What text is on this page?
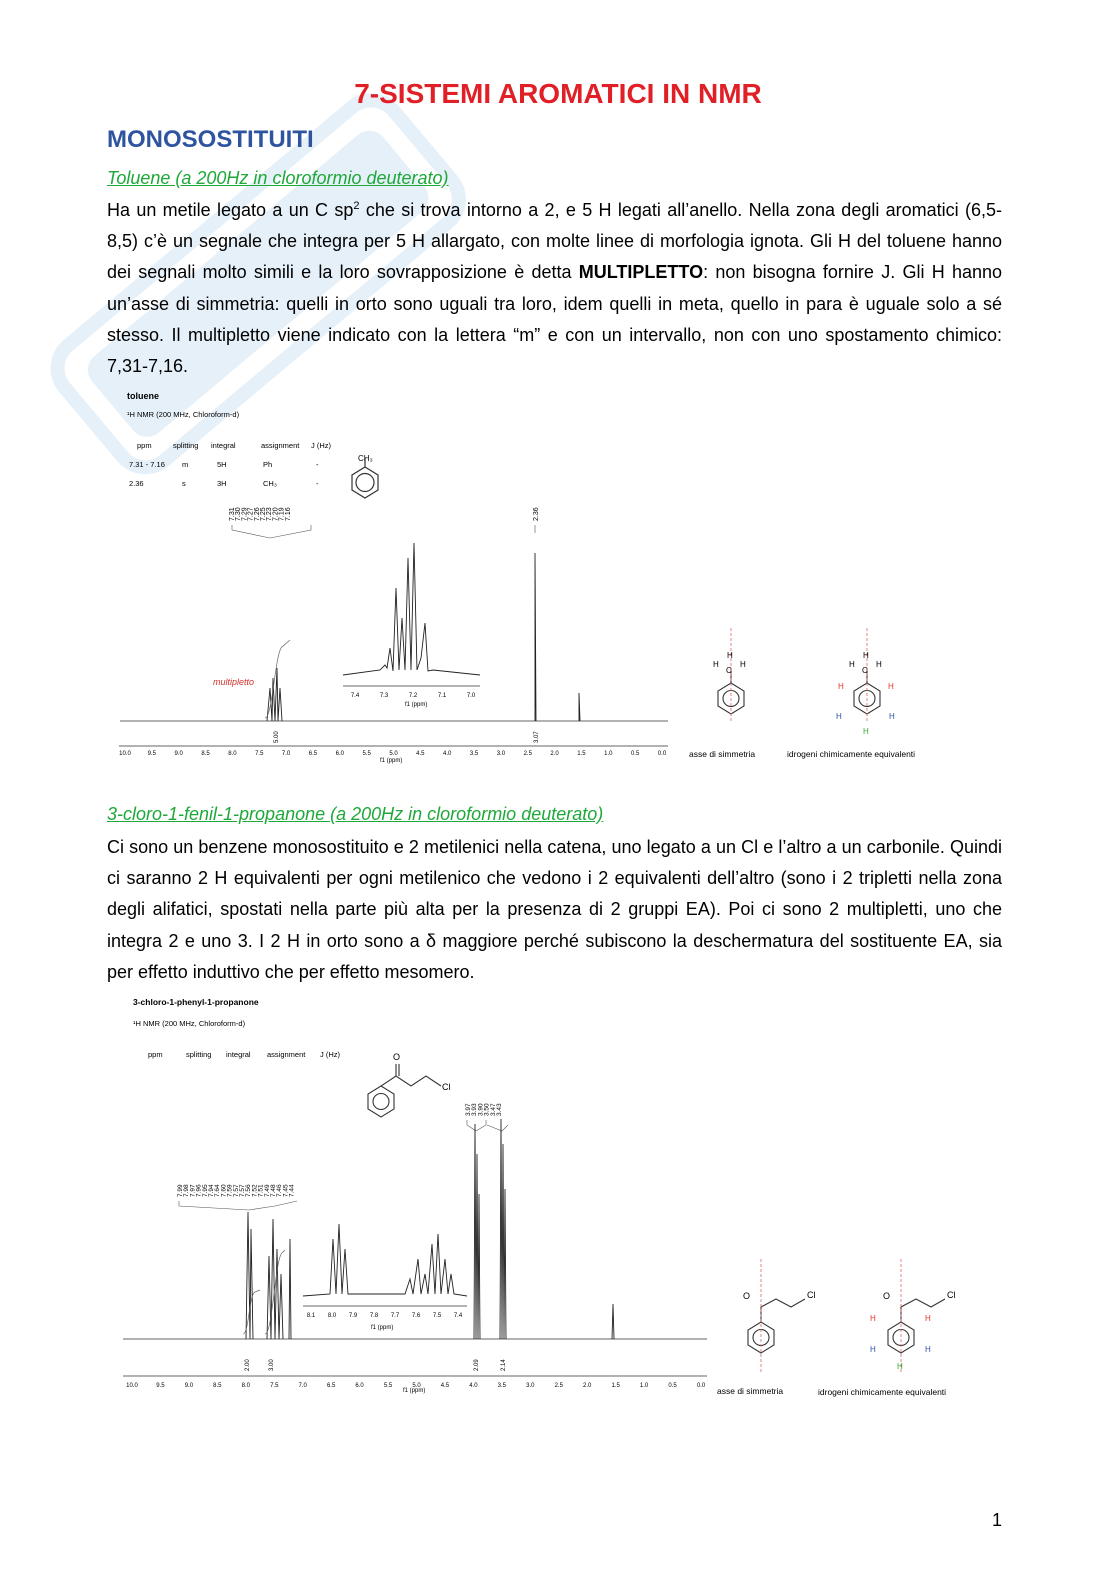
7-SISTEMI AROMATICI IN NMR
MONOSOSTITUITI
Toluene (a 200Hz in cloroformio deuterato)
Ha un metile legato a un C $sp^2$ che si trova intorno a 2, e 5 H legati all’anello. Nella zona degli aromatici (6,5-8,5) c’è un segnale che integra per 5 H allargato, con molte linee di morfologia ignota. Gli H del toluene hanno dei segnali molto simili e la loro sovrapposizione è detta MULTIPLETTO: non bisogna fornire J. Gli H hanno un’asse di simmetria: quelli in orto sono uguali tra loro, idem quelli in meta, quello in para è uguale solo a sé stesso. Il multipletto viene indicato con la lettera “m” e con un intervallo, non con uno spostamento chimico: 7,31-7,16.
toluene
¹H NMR (200 MHz, Chloroform-d)
ppm	splitting integral	assignment J (Hz)
7.31 - 7.16 m	5H	Ph	-
2.36	s	3H	CH₃	-
CH₃
7.31 7.30 7.29 7.27 7.26 7.25 7.23 7.20 7.19 7.16	2.36
multipletto
7.4	7.3	7.2	7.1	7.0
f1 (ppm)
5.00	3.07
10.0	9.5	9.0	8.5	8.0	7.5	7.0	6.5	6.0	5.5	5.0	4.5	4.0	3.5	3.0	2.5	2.0	1.5	1.0	0.5	0.0
f1 (ppm)
H
H
C
H
asse di simmetria
H
H
C
H
H	H
H	H
H
idrogeni chimicamente equivalenti
3-cloro-1-fenil-1-propanone (a 200Hz in cloroformio deuterato)
Ci sono un benzene monosostituito e 2 metilenici nella catena, uno legato a un Cl e l’altro a un carbonile. Quindi ci saranno 2 H equivalenti per ogni metilenico che vedono i 2 equivalenti dell’altro (sono i 2 tripletti nella zona degli alifatici, spostati nella parte più alta per la presenza di 2 gruppi EA). Poi ci sono 2 multipletti, uno che integra 2 e uno 3. I 2 H in orto sono a δ maggiore perché subiscono la deschermatura del sostituente EA, sia per effetto induttivo che per effetto mesomero.
3-chloro-1-phenyl-1-propanone
¹H NMR (200 MHz, Chloroform-d)
ppm	splitting integral assignment J (Hz)	O
Cl
7.99 7.98 7.97 7.96 7.95 7.94 7.64 7.60 7.59 7.57 7.57 7.56 7.52 7.51 7.49 7.48 7.46 7.45 7.44
3.97 3.93 3.90 3.50 3.47 3.43
8.1 8.0 7.9 7.8 7.7 7.6 7.5 7.4
f1 (ppm)
2.00	3.00	2.09	2.14
10.0	9.5	9.0	8.5	8.0	7.5	7.0	6.5	6.0	5.5	5.0	4.5	4.0	3.5	3.0	2.5	2.0	1.5	1.0	0.5	0.0
f1 (ppm)
O	Cl
asse di simmetria
O	Cl
H	H
H	H
H
idrogeni chimicamente equivalenti
1
